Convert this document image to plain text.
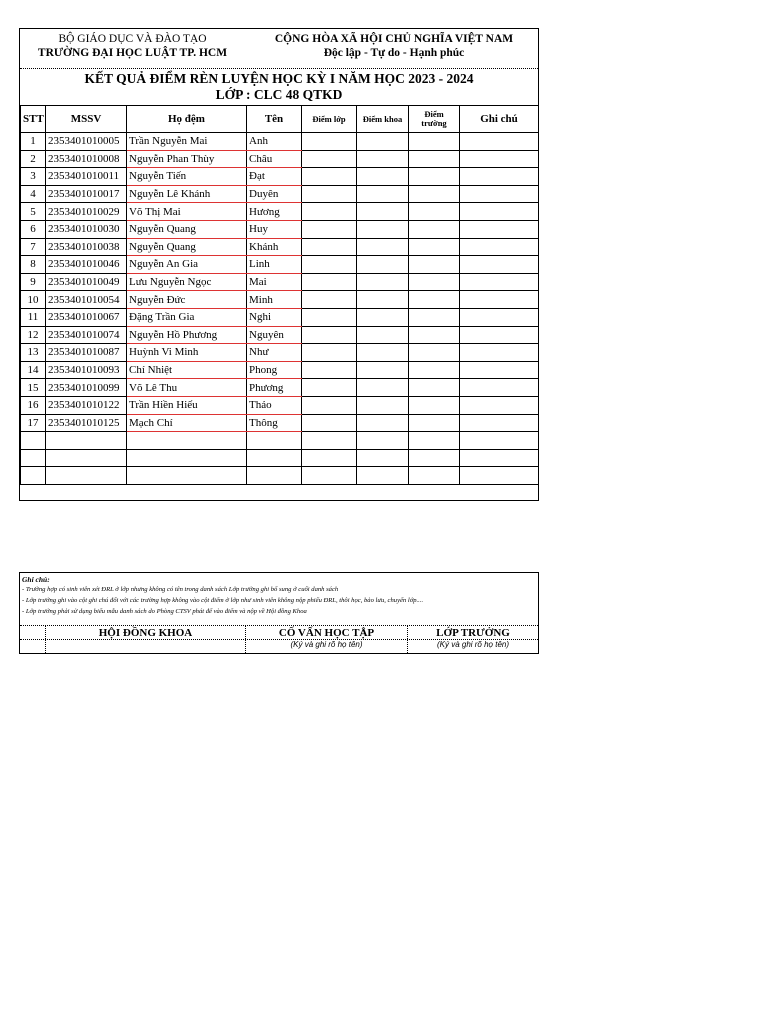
BỘ GIÁO DỤC VÀ ĐÀO TẠO
TRƯỜNG ĐẠI HỌC LUẬT TP. HCM
CỘNG HÒA XÃ HỘI CHỦ NGHĨA VIỆT NAM
Độc lập - Tự do - Hạnh phúc
KẾT QUẢ ĐIỂM RÈN LUYỆN HỌC KỲ I NĂM HỌC 2023 - 2024
LỚP : CLC 48 QTKD
STT	MSSV	Họ đệm	Tên	Điểm lớp	Điểm khoa	Điểm trường	Ghi chú
1	2353401010005	Trần Nguyễn Mai	Anh				
2	2353401010008	Nguyễn Phan Thùy	Châu				
3	2353401010011	Nguyễn Tiến	Đạt				
4	2353401010017	Nguyễn Lê Khánh	Duyên				
5	2353401010029	Võ Thị Mai	Hương				
6	2353401010030	Nguyễn Quang	Huy				
7	2353401010038	Nguyễn Quang	Khánh				
8	2353401010046	Nguyễn An Gia	Linh				
9	2353401010049	Lưu Nguyễn Ngọc	Mai				
10	2353401010054	Nguyễn Đức	Minh				
11	2353401010067	Đặng Trần Gia	Nghi				
12	2353401010074	Nguyễn Hồ Phương	Nguyên				
13	2353401010087	Huỳnh Vi Minh	Như				
14	2353401010093	Chí Nhiệt	Phong				
15	2353401010099	Võ Lê Thu	Phương				
16	2353401010122	Trần Hiền Hiếu	Thảo				
17	2353401010125	Mạch Chí	Thông				

Ghi chú:
- Trường hợp có sinh viên xét ĐRL ở lớp nhưng không có tên trong danh sách Lớp trưởng ghi bổ sung ở cuối danh sách
- Lớp trưởng ghi vào cột ghi chú đối với các trường hợp không vào cột điểm ở lớp như sinh viên không nộp phiếu ĐRL, thôi học, bảo lưu, chuyển lớp....
- Lớp trưởng phải sử dụng biểu mẫu danh sách do Phòng CTSV phát để vào điểm và nộp về Hội đồng Khoa
HỘI ĐỒNG KHOA	CỐ VẤN HỌC TẬP
(Ký và ghi rõ họ tên)
LỚP TRƯỞNG
(Ký và ghi rõ họ tên)
